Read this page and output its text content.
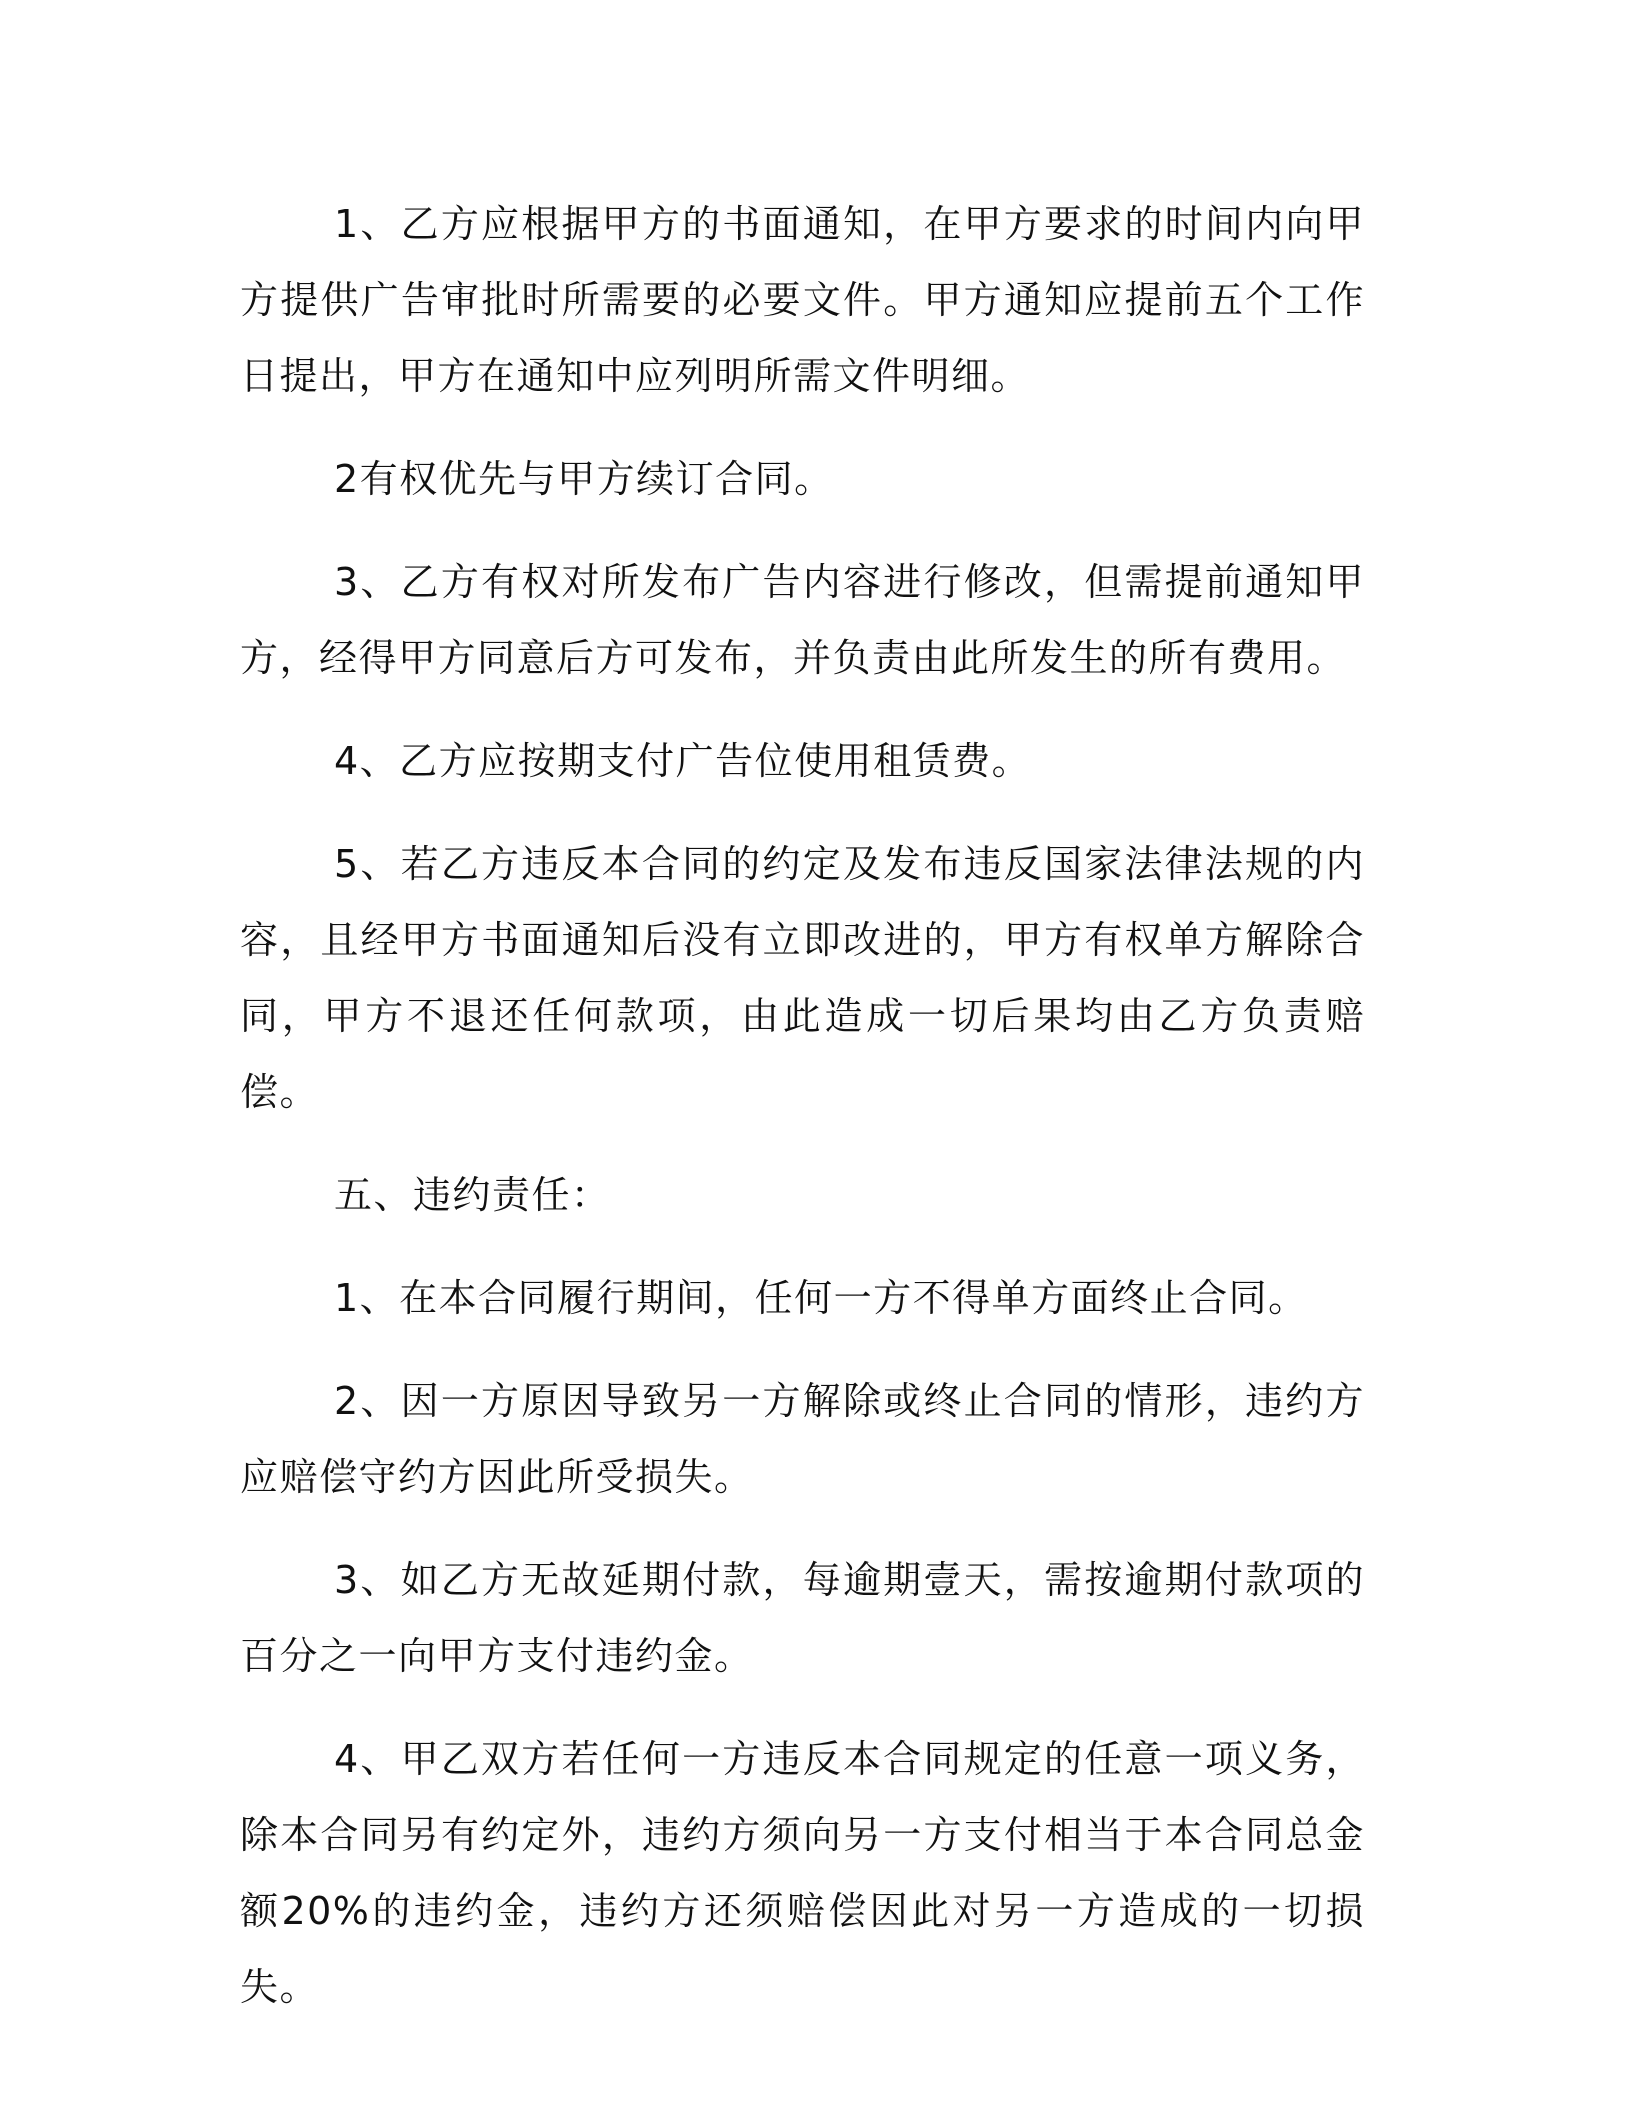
1、乙方应根据甲方的书面通知，在甲方要求的时间内向甲方提供广告审批时所需要的必要文件。甲方通知应提前五个工作日提出，甲方在通知中应列明所需文件明细。

2有权优先与甲方续订合同。

3、乙方有权对所发布广告内容进行修改，但需提前通知甲方，经得甲方同意后方可发布，并负责由此所发生的所有费用。

4、乙方应按期支付广告位使用租赁费。

5、若乙方违反本合同的约定及发布违反国家法律法规的内容，且经甲方书面通知后没有立即改进的，甲方有权单方解除合同，甲方不退还任何款项，由此造成一切后果均由乙方负责赔偿。

五、违约责任：

1、在本合同履行期间，任何一方不得单方面终止合同。

2、因一方原因导致另一方解除或终止合同的情形，违约方应赔偿守约方因此所受损失。

3、如乙方无故延期付款，每逾期壹天，需按逾期付款项的百分之一向甲方支付违约金。

4、甲乙双方若任何一方违反本合同规定的任意一项义务，除本合同另有约定外，违约方须向另一方支付相当于本合同总金额20%的违约金，违约方还须赔偿因此对另一方造成的一切损失。
